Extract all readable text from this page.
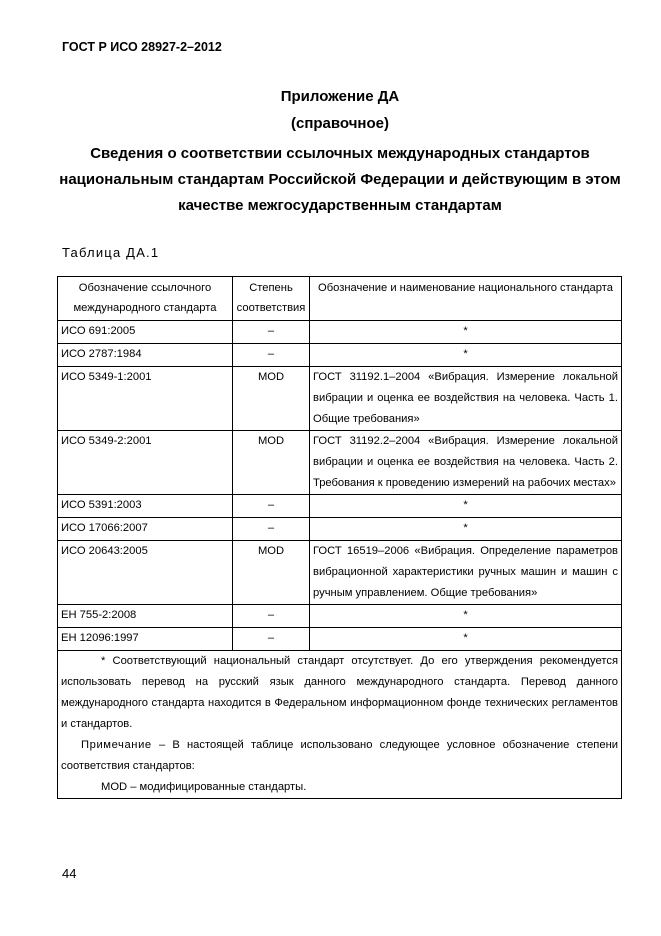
ГОСТ Р ИСО 28927-2–2012
Приложение ДА
(справочное)
Сведения о соответствии ссылочных международных стандартов национальным стандартам Российской Федерации и действующим в этом качестве межгосударственным стандартам
Таблица ДА.1
Обозначение ссылочного международного стандарта	Степень соответствия	Обозначение и наименование национального стандарта
ИСО 691:2005	–	*
ИСО 2787:1984	–	*
ИСО 5349-1:2001	MOD	ГОСТ 31192.1–2004 «Вибрация. Измерение локальной вибрации и оценка ее воздействия на человека. Часть 1. Общие требования»
ИСО 5349-2:2001	MOD	ГОСТ 31192.2–2004 «Вибрация. Измерение локальной вибрации и оценка ее воздействия на человека. Часть 2. Требования к проведению измерений на рабочих местах»
ИСО 5391:2003	–	*
ИСО 17066:2007	–	*
ИСО 20643:2005	MOD	ГОСТ 16519–2006 «Вибрация. Определение параметров вибрационной характеристики ручных машин и машин с ручным управлением. Общие требования»
ЕН 755-2:2008	–	*
ЕН 12096:1997	–	*

* Соответствующий национальный стандарт отсутствует. До его утверждения рекомендуется использовать перевод на русский язык данного международного стандарта. Перевод данного международного стандарта находится в Федеральном информационном фонде технических регламентов и стандартов.
Примечание – В настоящей таблице использовано следующее условное обозначение степени соответствия стандартов:
MOD – модифицированные стандарты.		
44
